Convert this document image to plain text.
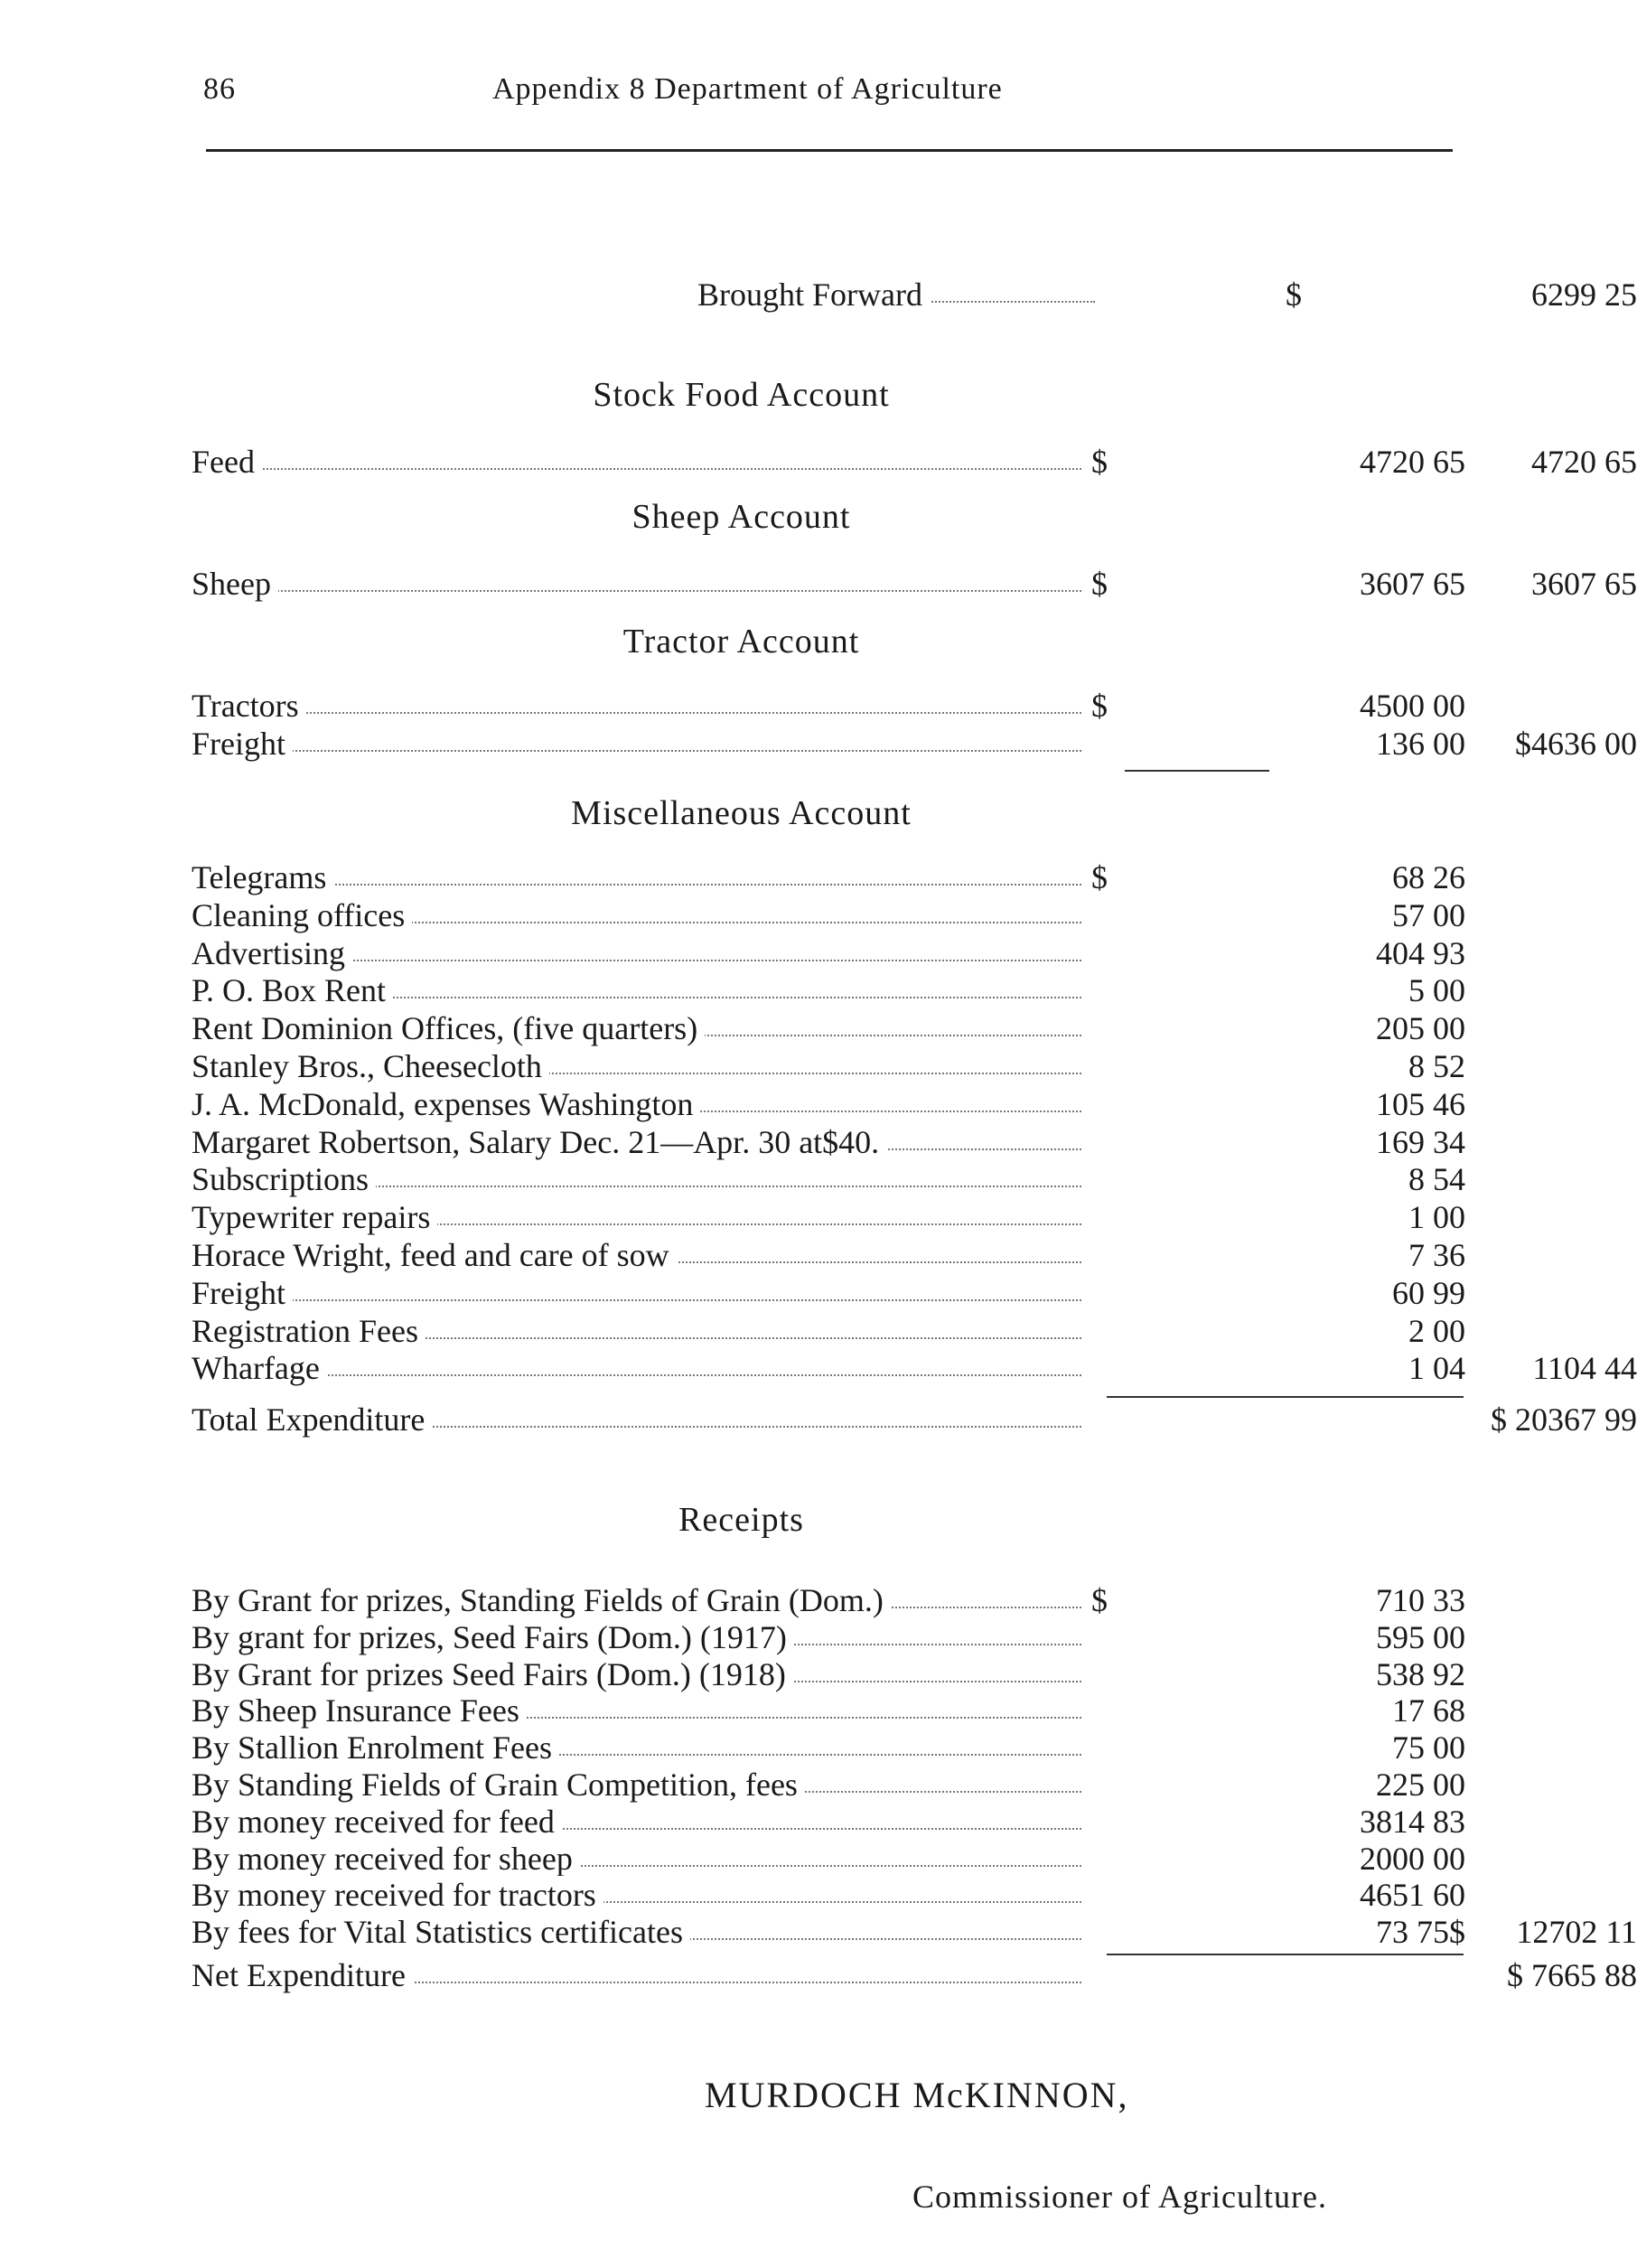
86	Appendix 8 Department of Agriculture
Brought Forward	$	6299 25
Stock Food Account
Feed	$	4720 65	4720 65
Sheep Account
Sheep	$	3607 65	3607 65
Tractor Account
Tractors	$	4500 00
Freight	136 00	$4636 00
Miscellaneous Account
Telegrams	$	68 26
Cleaning offices	57 00
Advertising	404 93
P. O. Box Rent	5 00
Rent Dominion Offices, (five quarters)	205 00
Stanley Bros., Cheesecloth	8 52
J. A. McDonald, expenses Washington	105 46
Margaret Robertson, Salary Dec. 21—Apr. 30 at$40.	169 34
Subscriptions	8 54
Typewriter repairs	1 00
Horace Wright, feed and care of sow	7 36
Freight	60 99
Registration Fees	2 00
Wharfage	1 04	1104 44
Total Expenditure	$ 20367 99
Receipts
By Grant for prizes, Standing Fields of Grain (Dom.)	$	710 33
By grant for prizes, Seed Fairs (Dom.) (1917)	595 00
By Grant for prizes Seed Fairs (Dom.) (1918)	538 92
By Sheep Insurance Fees	17 68
By Stallion Enrolment Fees	75 00
By Standing Fields of Grain Competition, fees	225 00
By money received for feed	3814 83
By money received for sheep	2000 00
By money received for tractors	4651 60
By fees for Vital Statistics certificates	73 75$	12702 11
Net Expenditure	$ 7665 88
MURDOCH McKINNON,
Commissioner of Agriculture.
